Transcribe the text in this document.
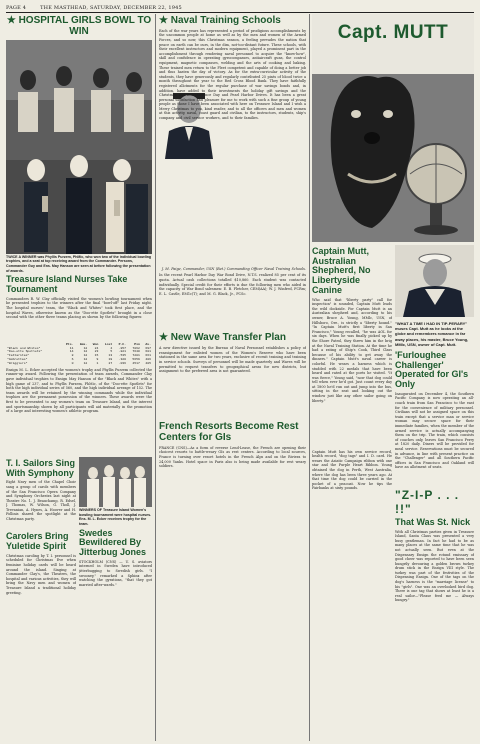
PAGE 4	THE MASTHEAD, SATURDAY, DECEMBER 22, 1945
★ HOSPITAL GIRLS BOWL TO WIN

TWICE A WINNER was Phyllis Purzem, PhMic, who won two of the individual bowling trophies, and a seat at top receiving award from the Commander. Persons, Commander Guy and Ens. May Hanson are seen at before following the presentation of awards.

Treasure Island Nurses Take Tournament

Commanders R. W. Clay officially visited the women's bowling tournament when he presented trophies to the winners after the final "bowl-off" last Friday night. The hospital nurses' team, the "Black and Whites" took first place, and the hospital Waves, otherwise known as the "Doo-ette Spotlets" brought in a close second with the other three teams placing as shown by the following figures:

	Pts.	Gms.	Won	Lost	P.C.	Pin	Av.
"Black and Whites"	11	12	24	4	.857	7862	697
"Doo-ette Spotlets"	14	12	23	5	.821	7640	681
"Fattaritas"	8	12	15	13	.535	7281	661
"Ambrettas"	6	12	9	19	.320	5659	486
"Wrigglers"	0	12	1	27	.036	4517	485

Ensign M. L. Ecker accepted the women's trophy and Phyllis Purzem collected the runner-up award. Following the presentation of team awards, Commander Clay gave individual trophies to Ensign May Hanson of the "Black and Whites" with a high game of 237, and to Phyllis Purzem, PhMic, of the "Doo-ette Spotlets" for both the high individual series of 560, and the high individual average of 152. The team awards will be retained by the winning commands while the individual trophies are the permanent possession of the winners. These awards were the first to be presented to any women's team on Treasure Island, and the interest and sportsmanship shown by all participants will aid materially in the promotion of a large and interesting women's athletic program.

T. I. Sailors Sing With Symphony

Eight Navy men of the Chapel Choir sang a group of carols with members of the San Francisco Opera Company and Symphony Orchestra last night at Theatre No. 1. J. Beauchamp, R. Edsel, J. Thomas, W. Wilson, G. Tholl, J. Trevanian, A. Hynes, A. Hoover and H. Follinis shared the spotlight at the Christmas party.

Carolers Bring Yuletide Spirit

Christmas caroling by T. I. personnel is scheduled for Christmas Eve when feminine holiday cards will be heard around the island. Singing at Commander Clay's, the Theatres, the hospital and various activities, they will bring the Navy men and women of Treasure Island a traditional holiday greeting.

WINNERS OF Treasure Island Women's bowling tournament were hospital nurses. Ens. M. L. Ecker receives trophy for the team.

Swedes Bewildered By Jitterbug Jones

STOCKHOLM (CNS) — U. S. aviators interned in Sweden have introduced jitterbugging to Swedish girls. "I swooney," remarked a Sphinx after watching the gyrations, "that they got married after-wards."

★ Naval Training Schools

Each of the war years has represented a period of prodigious accomplishments by the uncommon people at home as well as by the men and women of the Armed Forces, and so now, this Christmas season, a feeling pervades the nation that peace on earth can be ours, in the dim, not-too-distant future. These schools, with their excellent instructors and modern equipment, played a prominent part in the accomplishment through rendering naval personnel to acquire the "know-how", skill and confidence in operating gyrocompasses, antiaircraft guns, the control equipment, magnetic compasses, welding and the arts of cooking and baking. These trained men return to the Fleet competent and capable of doing a better job and thus hasten the day of victory. As for the extra-curricular activity of the students, they have generously and regularly contributed 25 pints of blood twice a month throughout the year to the Red Cross Blood Bank. They have faithfully registered allotments for the regular purchase of war savings bonds and, in addition, have added to their investments the holiday gift savings and the Christmas and Independence Day and Pearl Harbor Drives. It has been a great personal satisfaction and pleasure for me to work with such a fine group of young people as those I have been associated with here on Treasure Island and I wish a Merry Christmas to you, kind reader, and to all the officers and men and women at this activity, naval, coast guard and civilian, to the instructors, students, ship's company and civil service workers, and to their families.

J. M. Paige, Commander, USN (Ret.) Commanding Officer Naval Training Schools.

In the recent Pearl Harbor Day War Bond Drive, N.T.S. realized 85 per cent of its quota. Actual cash collections totalled $10,860. Each student was contacted individually. Special credit for their efforts is due the following men who aided in the capacity of War Bond salesmen: E. B. Fletcher, CEM(AA); W. J. Winfred, FCRm; E. L. Castle, EM1c(T); and M. G. Black, Jr., FCSc.

★ New Wave Transfer Plan

A new directive issued by the Bureau of Naval Personnel establishes a policy of reassignment for enlisted women of the Women's Reserve who have been stationed in the same area for two years, exclusive of recruit training and training in service schools. Surveys of personnel will be made quarterly and Waves will be permitted to request transfers to geographical areas for new districts, but assignment to the preferred area is not guaranteed.

French Resorts Become Rest Centers for GIs

FRANCE (CNS)—As a form of reverse Lend-Lease, the French are opening their choicest resorts to battle-weary GIs as rest centers. According to local sources, France is turning over resort hotels in the French Alps and on the Riviera to 24,000 Yanks. Hotel space in Paris also is being made available for rest weary soldiers.

Capt. MUTT
Captain Mutt, Australian Shepherd, No Libertyside Canine

Who said that "liberty party" call for inspection" is sounded, Captain Mutt leads the wild dockside. For Captain Mutt is an Australian shepherd and, according to his owner, Bruce A. Young, MMlc, USN, of Hillsboro, Ore., is strictly a "liberty hound." "In Captain Mutt's first liberty in San Francisco," Young recalled, "he was AOL for six days. When he was finally picked up by the Shore Patrol, they threw him in the brig at the Naval Training Station. At the time he had a rating of Ship's Cook, Third Class because of his ability to get away the dinners." Captain Mutt's naval career is colorful. He wears a harness which is studded with 22 medals that have been heard and rated at the ports he visited. "It was fierce," Young said, "now that dog could tell when ever he'd got. Just count every day at 1800 he'd run out and jump into the bus, sitting in the seat and looking out the window just like any other sailor going on liberty."

Captain Mutt has his own service record, health record, "dog tags" and I. D. card. He wears the Asiatic Campaign ribbon with one star and the Purple Heart Ribbon. Young obtained the dog in Perth, West Australia, where the dog has been three years ago. At that time the dog could be carried in the pocket of a peacoat. Now he tips the Fairbanks at sixty pounds.

"WHAT A TIME I HAD IN TIP-PERARY" muses Capt. Mutt as he looks at the globe and remembers romance in far away places, his master, Bruce Young, MMlc, USN, owner of Capt. Mutt.

'Furloughee Challenger' Operated for GI's Only

Inaugurated on December 4, the Southern Pacific Company is now operating an all-coach train from San Francisco to the east for the convenience of military personnel. Civilians will not be assigned space on this train except that a service man or service woman may secure space for their immediate families, when the member of the armed service is actually accompanying them on the trip. The train, which consists of coaches only, leaves San Francisco Ferry at 1820 daily. Diners will be provided for meal service. Reservations must be secured in advance, in line with present practice on the "Challenger" and all Southern Pacific offices in San Francisco and Oakland will have an allotment of seats.

"Z-I-P . . . !!"
That Was St. Nick

With all Christmas parties given in Treasure Island, Santa Claus was presented a very busy gentleman. In fact he had to be as many places at the same time that he was not actually seen. But even at the Dispensary Ensign the rotund emissary of good cheer was reported to have been seen hungrily devouring a golden brown turkey drum stick in the Ensign VIII style. The turkey was part of the festivities of the Dispensing Ensign. One of the tags on the dog's harness is the "marriage license" to his "girls". One was an overlooked bird dog. There is one tag that shows at least he is a real sailor—"Please feed me — Always hungry."
